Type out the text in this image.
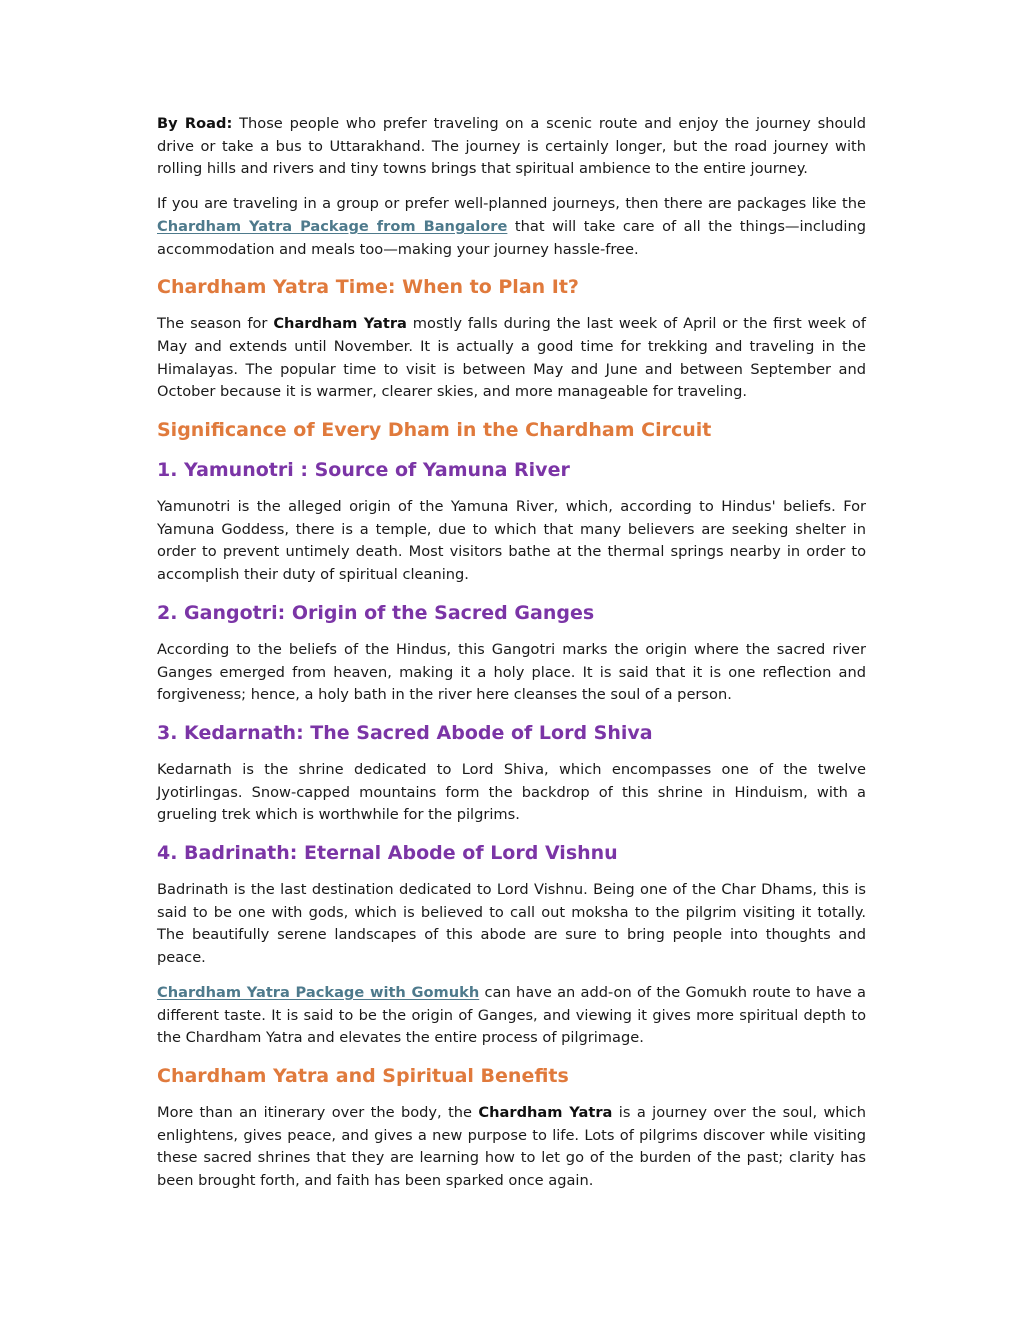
By Road: Those people who prefer traveling on a scenic route and enjoy the journey should drive or take a bus to Uttarakhand. The journey is certainly longer, but the road journey with rolling hills and rivers and tiny towns brings that spiritual ambience to the entire journey.

If you are traveling in a group or prefer well-planned journeys, then there are packages like the Chardham Yatra Package from Bangalore that will take care of all the things—including accommodation and meals too—making your journey hassle-free.

Chardham Yatra Time: When to Plan It?

The season for Chardham Yatra mostly falls during the last week of April or the first week of May and extends until November. It is actually a good time for trekking and traveling in the Himalayas. The popular time to visit is between May and June and between September and October because it is warmer, clearer skies, and more manageable for traveling.

Significance of Every Dham in the Chardham Circuit
1. Yamunotri : Source of Yamuna River

Yamunotri is the alleged origin of the Yamuna River, which, according to Hindus' beliefs. For Yamuna Goddess, there is a temple, due to which that many believers are seeking shelter in order to prevent untimely death. Most visitors bathe at the thermal springs nearby in order to accomplish their duty of spiritual cleaning.

2. Gangotri: Origin of the Sacred Ganges

According to the beliefs of the Hindus, this Gangotri marks the origin where the sacred river Ganges emerged from heaven, making it a holy place. It is said that it is one reflection and forgiveness; hence, a holy bath in the river here cleanses the soul of a person.

3. Kedarnath: The Sacred Abode of Lord Shiva

Kedarnath is the shrine dedicated to Lord Shiva, which encompasses one of the twelve Jyotirlingas. Snow-capped mountains form the backdrop of this shrine in Hinduism, with a grueling trek which is worthwhile for the pilgrims.

4. Badrinath: Eternal Abode of Lord Vishnu

Badrinath is the last destination dedicated to Lord Vishnu. Being one of the Char Dhams, this is said to be one with gods, which is believed to call out moksha to the pilgrim visiting it totally. The beautifully serene landscapes of this abode are sure to bring people into thoughts and peace.

Chardham Yatra Package with Gomukh can have an add-on of the Gomukh route to have a different taste. It is said to be the origin of Ganges, and viewing it gives more spiritual depth to the Chardham Yatra and elevates the entire process of pilgrimage.

Chardham Yatra and Spiritual Benefits

More than an itinerary over the body, the Chardham Yatra is a journey over the soul, which enlightens, gives peace, and gives a new purpose to life. Lots of pilgrims discover while visiting these sacred shrines that they are learning how to let go of the burden of the past; clarity has been brought forth, and faith has been sparked once again.
